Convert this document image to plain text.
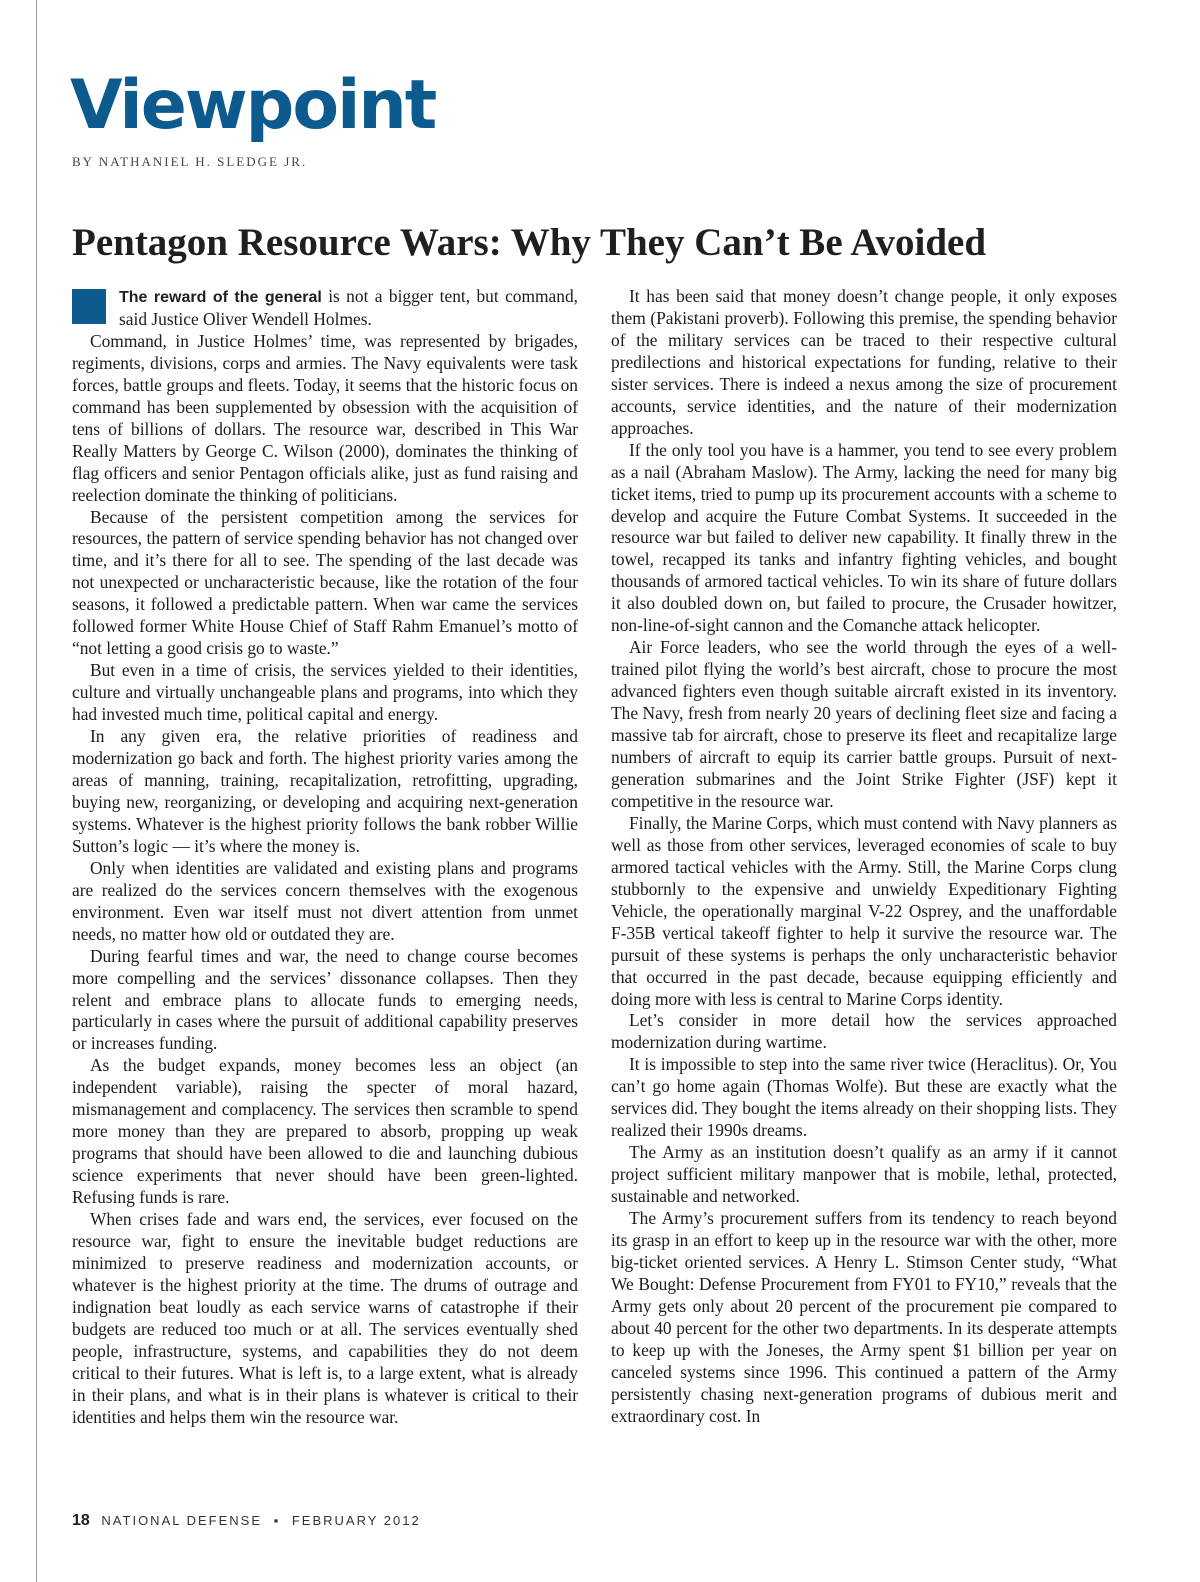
Viewpoint
BY NATHANIEL H. SLEDGE JR.
Pentagon Resource Wars: Why They Can’t Be Avoided

The reward of the general is not a bigger tent, but command, said Justice Oliver Wendell Holmes.

Command, in Justice Holmes’ time, was represented by brigades, regiments, divisions, corps and armies. The Navy equivalents were task forces, battle groups and fleets. Today, it seems that the historic focus on command has been supplemented by obsession with the acquisition of tens of billions of dollars. The resource war, described in This War Really Matters by George C. Wilson (2000), dominates the thinking of flag officers and senior Pentagon officials alike, just as fund raising and reelection dominate the thinking of politicians.

Because of the persistent competition among the services for resources, the pattern of service spending behavior has not changed over time, and it’s there for all to see. The spending of the last decade was not unexpected or uncharacteristic because, like the rotation of the four seasons, it followed a predictable pattern. When war came the services followed former White House Chief of Staff Rahm Emanuel’s motto of “not letting a good crisis go to waste.”

But even in a time of crisis, the services yielded to their identities, culture and virtually unchangeable plans and programs, into which they had invested much time, political capital and energy.

In any given era, the relative priorities of readiness and modernization go back and forth. The highest priority varies among the areas of manning, training, recapitalization, retrofitting, upgrading, buying new, reorganizing, or developing and acquiring next-generation systems. Whatever is the highest priority follows the bank robber Willie Sutton’s logic — it’s where the money is.

Only when identities are validated and existing plans and programs are realized do the services concern themselves with the exogenous environment. Even war itself must not divert attention from unmet needs, no matter how old or outdated they are.

During fearful times and war, the need to change course becomes more compelling and the services’ dissonance collapses. Then they relent and embrace plans to allocate funds to emerging needs, particularly in cases where the pursuit of additional capability preserves or increases funding.

As the budget expands, money becomes less an object (an independent variable), raising the specter of moral hazard, mismanagement and complacency. The services then scramble to spend more money than they are prepared to absorb, propping up weak programs that should have been allowed to die and launching dubious science experiments that never should have been green-lighted. Refusing funds is rare.

When crises fade and wars end, the services, ever focused on the resource war, fight to ensure the inevitable budget reductions are minimized to preserve readiness and modernization accounts, or whatever is the highest priority at the time. The drums of outrage and indignation beat loudly as each service warns of catastrophe if their budgets are reduced too much or at all. The services eventually shed people, infrastructure, systems, and capabilities they do not deem critical to their futures. What is left is, to a large extent, what is already in their plans, and what is in their plans is whatever is critical to their identities and helps them win the resource war.

It has been said that money doesn’t change people, it only exposes them (Pakistani proverb). Following this premise, the spending behavior of the military services can be traced to their respective cultural predilections and historical expectations for funding, relative to their sister services. There is indeed a nexus among the size of procurement accounts, service identities, and the nature of their modernization approaches.

If the only tool you have is a hammer, you tend to see every problem as a nail (Abraham Maslow). The Army, lacking the need for many big ticket items, tried to pump up its procurement accounts with a scheme to develop and acquire the Future Combat Systems. It succeeded in the resource war but failed to deliver new capability. It finally threw in the towel, recapped its tanks and infantry fighting vehicles, and bought thousands of armored tactical vehicles. To win its share of future dollars it also doubled down on, but failed to procure, the Crusader howitzer, non-line-of-sight cannon and the Comanche attack helicopter.

Air Force leaders, who see the world through the eyes of a well-trained pilot flying the world’s best aircraft, chose to procure the most advanced fighters even though suitable aircraft existed in its inventory. The Navy, fresh from nearly 20 years of declining fleet size and facing a massive tab for aircraft, chose to preserve its fleet and recapitalize large numbers of aircraft to equip its carrier battle groups. Pursuit of next-generation submarines and the Joint Strike Fighter (JSF) kept it competitive in the resource war.

Finally, the Marine Corps, which must contend with Navy planners as well as those from other services, leveraged economies of scale to buy armored tactical vehicles with the Army. Still, the Marine Corps clung stubbornly to the expensive and unwieldy Expeditionary Fighting Vehicle, the operationally marginal V-22 Osprey, and the unaffordable F-35B vertical takeoff fighter to help it survive the resource war. The pursuit of these systems is perhaps the only uncharacteristic behavior that occurred in the past decade, because equipping efficiently and doing more with less is central to Marine Corps identity.

Let’s consider in more detail how the services approached modernization during wartime.

It is impossible to step into the same river twice (Heraclitus). Or, You can’t go home again (Thomas Wolfe). But these are exactly what the services did. They bought the items already on their shopping lists. They realized their 1990s dreams.

The Army as an institution doesn’t qualify as an army if it cannot project sufficient military manpower that is mobile, lethal, protected, sustainable and networked.

The Army’s procurement suffers from its tendency to reach beyond its grasp in an effort to keep up in the resource war with the other, more big-ticket oriented services. A Henry L. Stimson Center study, “What We Bought: Defense Procurement from FY01 to FY10,” reveals that the Army gets only about 20 percent of the procurement pie compared to about 40 percent for the other two departments. In its desperate attempts to keep up with the Joneses, the Army spent $1 billion per year on canceled systems since 1996. This continued a pattern of the Army persistently chasing next-generation programs of dubious merit and extraordinary cost. In

18 NATIONAL DEFENSE ▪ FEBRUARY 2012
